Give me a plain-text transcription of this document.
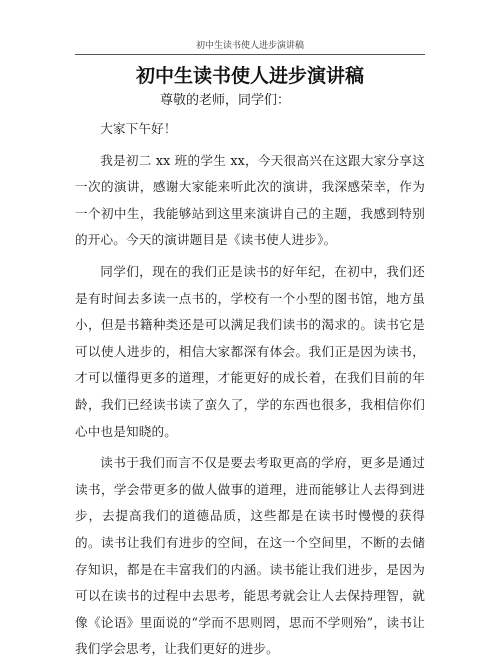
初中生读书使人进步演讲稿
初中生读书使人进步演讲稿
尊敬的老师，同学们：

大家下午好！

我是初二 xx 班的学生 xx，今天很高兴在这跟大家分享这一次的演讲，感谢大家能来听此次的演讲，我深感荣幸，作为一个初中生，我能够站到这里来演讲自己的主题，我感到特别的开心。今天的演讲题目是《读书使人进步》。

同学们，现在的我们正是读书的好年纪，在初中，我们还是有时间去多读一点书的，学校有一个小型的图书馆，地方虽小，但是书籍种类还是可以满足我们读书的渴求的。读书它是可以使人进步的，相信大家都深有体会。我们正是因为读书，才可以懂得更多的道理，才能更好的成长着，在我们目前的年龄，我们已经读书读了蛮久了，学的东西也很多，我相信你们心中也是知晓的。

读书于我们而言不仅是要去考取更高的学府，更多是通过读书，学会带更多的做人做事的道理，进而能够让人去得到进步，去提高我们的道德品质，这些都是在读书时慢慢的获得的。读书让我们有进步的空间，在这一个空间里，不断的去储存知识，都是在丰富我们的内涵。读书能让我们进步，是因为可以在读书的过程中去思考，能思考就会让人去保持理智，就像《论语》里面说的“学而不思则罔，思而不学则殆”，读书让我们学会思考，让我们更好的进步。
